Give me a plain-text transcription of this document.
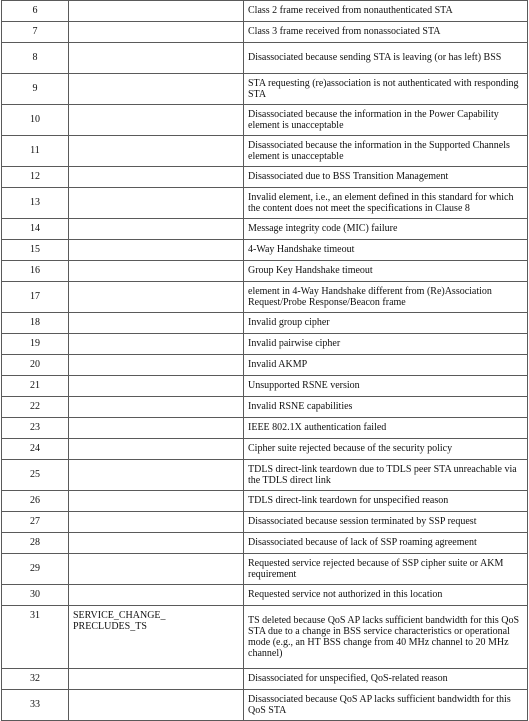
6		Class 2 frame received from nonauthenticated STA
7		Class 3 frame received from nonassociated STA
8		Disassociated because sending STA is leaving (or has left) BSS
9		STA requesting (re)association is not authenticated with responding STA
10		Disassociated because the information in the Power Capability element is unacceptable
11		Disassociated because the information in the Supported Channels element is unacceptable
12		Disassociated due to BSS Transition Management
13		Invalid element, i.e., an element defined in this standard for which the content does not meet the specifications in Clause 8
14		Message integrity code (MIC) failure
15		4-Way Handshake timeout
16		Group Key Handshake timeout
17		element in 4-Way Handshake different from (Re)Association Request/Probe Response/Beacon frame
18		Invalid group cipher
19		Invalid pairwise cipher
20		Invalid AKMP
21		Unsupported RSNE version
22		Invalid RSNE capabilities
23		IEEE 802.1X authentication failed
24		Cipher suite rejected because of the security policy
25		TDLS direct-link teardown due to TDLS peer STA unreachable via the TDLS direct link
26		TDLS direct-link teardown for unspecified reason
27		Disassociated because session terminated by SSP request
28		Disassociated because of lack of SSP roaming agreement
29		Requested service rejected because of SSP cipher suite or AKM requirement
30		Requested service not authorized in this location
31	SERVICE_CHANGE_ PRECLUDES_TS	TS deleted because QoS AP lacks sufficient bandwidth for this QoS STA due to a change in BSS service characteristics or operational mode (e.g., an HT BSS change from 40 MHz channel to 20 MHz channel)
32		Disassociated for unspecified, QoS-related reason
33		Disassociated because QoS AP lacks sufficient bandwidth for this QoS STA
